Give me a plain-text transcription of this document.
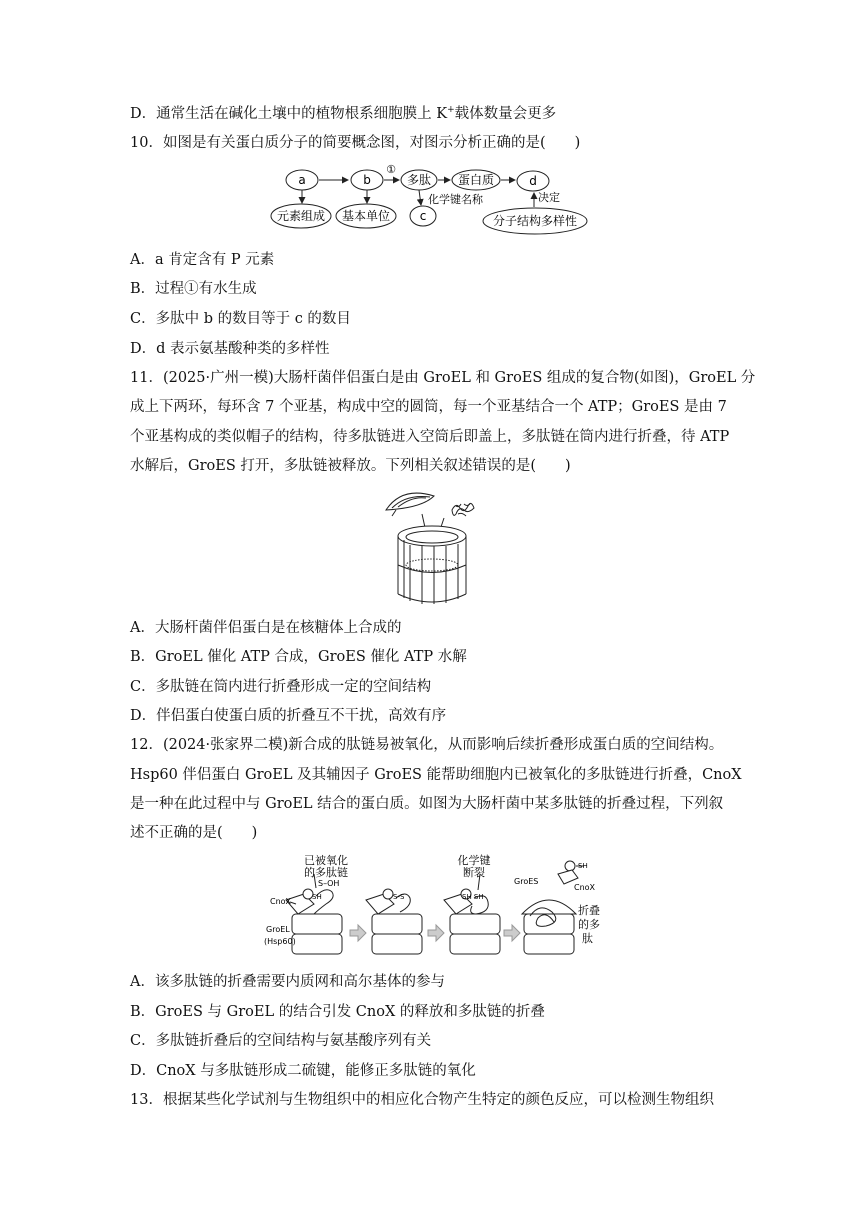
D．通常生活在碱化土壤中的植物根系细胞膜上 K+载体数量会更多
10．如图是有关蛋白质分子的简要概念图，对图示分析正确的是(　　)
a	b
①
多肽 蛋白质	d
元素组成 基本单位 c
化学键名称	决定
分子结构多样性
A．a 肯定含有 P 元素
B．过程①有水生成
C．多肽中 b 的数目等于 c 的数目
D．d 表示氨基酸种类的多样性
11．(2025·广州一模)大肠杆菌伴侣蛋白是由 GroEL 和 GroES 组成的复合物(如图)，GroEL 分
成上下两环，每环含 7 个亚基，构成中空的圆筒，每一个亚基结合一个 ATP；GroES 是由 7
个亚基构成的类似帽子的结构，待多肽链进入空筒后即盖上，多肽链在筒内进行折叠，待 ATP
水解后，GroES 打开，多肽链被释放。下列相关叙述错误的是(　　)
A．大肠杆菌伴侣蛋白是在核糖体上合成的
B．GroEL 催化 ATP 合成，GroES 催化 ATP 水解
C．多肽链在筒内进行折叠形成一定的空间结构
D．伴侣蛋白使蛋白质的折叠互不干扰，高效有序
12．(2024·张家界二模)新合成的肽链易被氧化，从而影响后续折叠形成蛋白质的空间结构。
Hsp60 伴侣蛋白 GroEL 及其辅因子 GroES 能帮助细胞内已被氧化的多肽链进行折叠，CnoX
是一种在此过程中与 GroEL 结合的蛋白质。如图为大肠杆菌中某多肽链的折叠过程，下列叙
述不正确的是(　　)
已被氧化
的多肽链
S–OH
CnoX	SH
GroEL
(Hsp60)
S-S
化学键
断裂
SH SH
GroES
SH
CnoX
折叠
的多
肽
A．该多肽链的折叠需要内质网和高尔基体的参与
B．GroES 与 GroEL 的结合引发 CnoX 的释放和多肽链的折叠
C．多肽链折叠后的空间结构与氨基酸序列有关
D．CnoX 与多肽链形成二硫键，能修正多肽链的氧化
13．根据某些化学试剂与生物组织中的相应化合物产生特定的颜色反应，可以检测生物组织
